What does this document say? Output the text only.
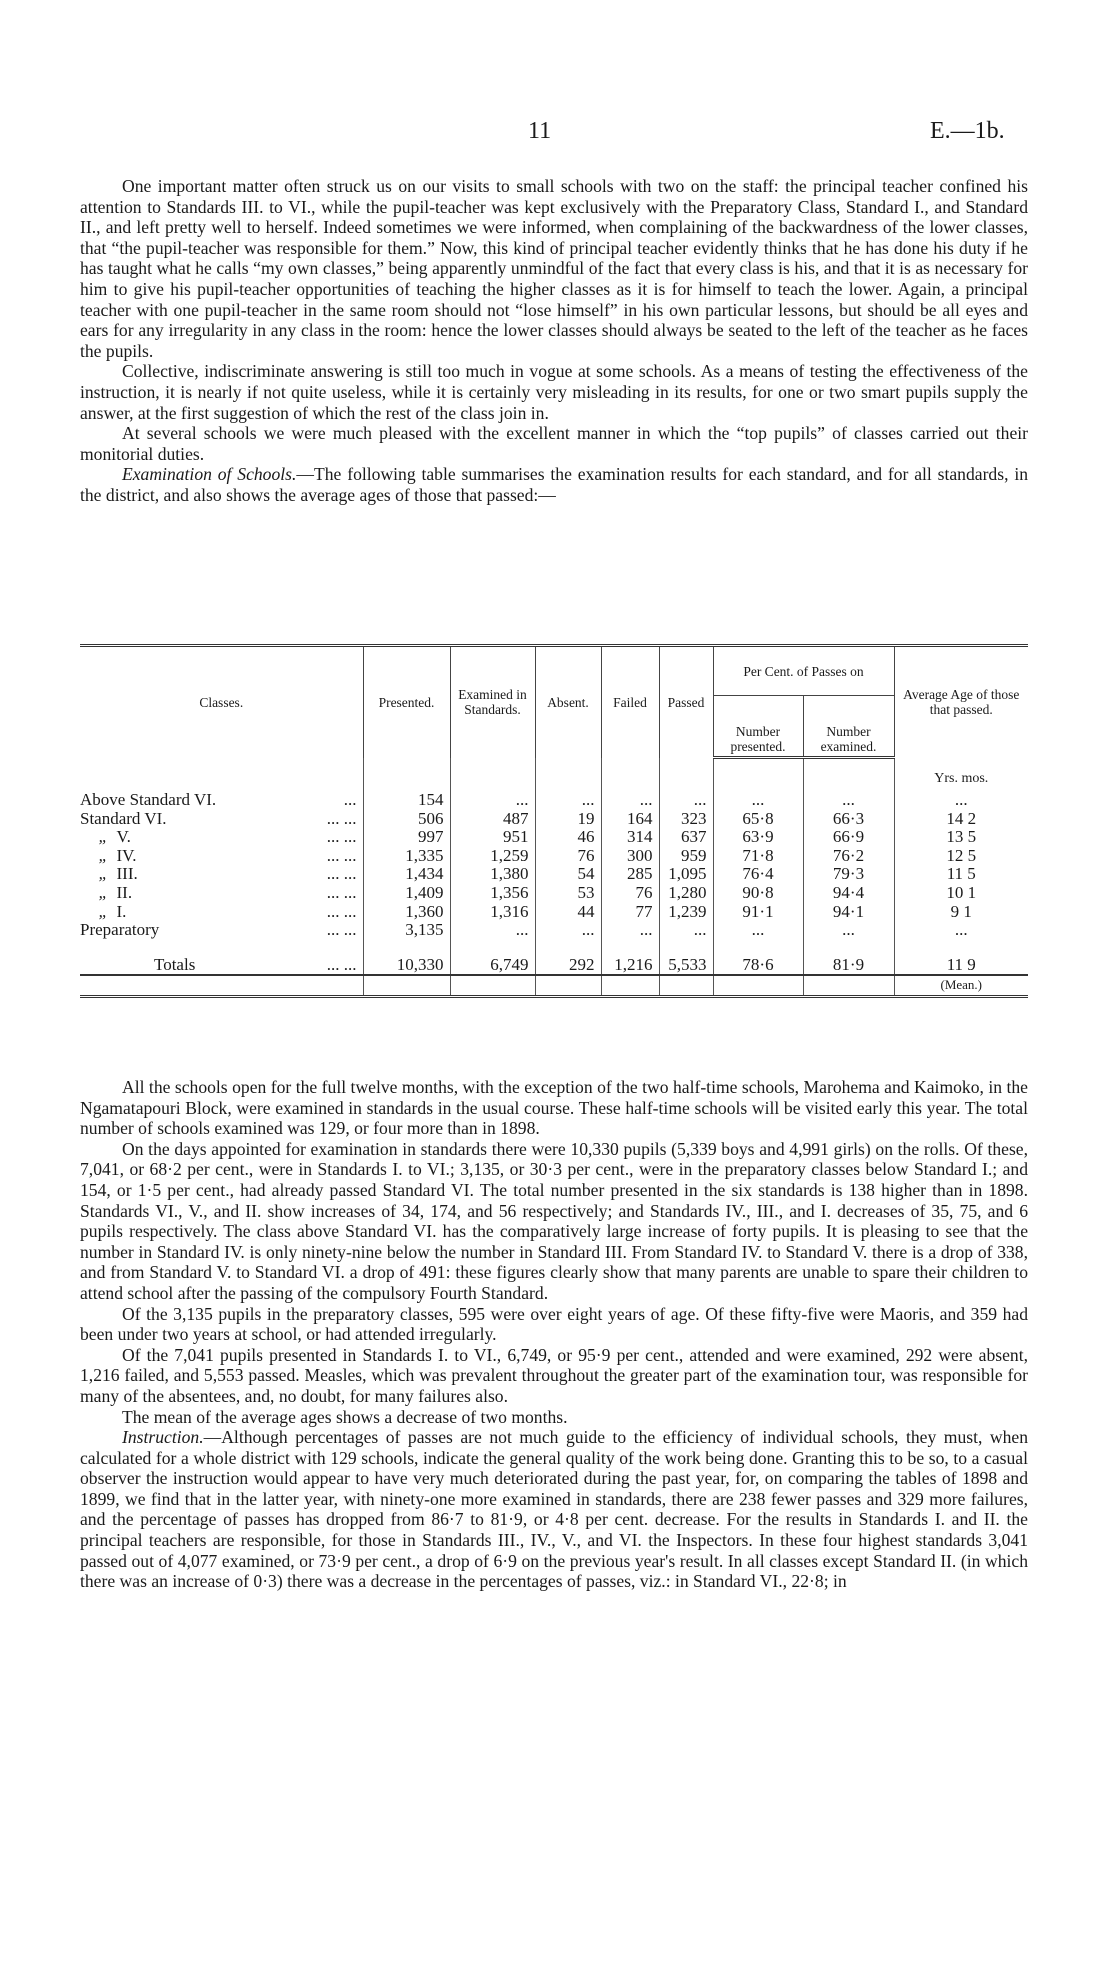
11	E.—1b.

One important matter often struck us on our visits to small schools with two on the staff: the principal teacher confined his attention to Standards III. to VI., while the pupil-teacher was kept exclusively with the Preparatory Class, Standard I., and Standard II., and left pretty well to herself. Indeed sometimes we were informed, when complaining of the backwardness of the lower classes, that “the pupil-teacher was responsible for them.” Now, this kind of principal teacher evidently thinks that he has done his duty if he has taught what he calls “my own classes,” being apparently unmindful of the fact that every class is his, and that it is as necessary for him to give his pupil-teacher opportunities of teaching the higher classes as it is for himself to teach the lower. Again, a principal teacher with one pupil-teacher in the same room should not “lose himself” in his own particular lessons, but should be all eyes and ears for any irregularity in any class in the room: hence the lower classes should always be seated to the left of the teacher as he faces the pupils.

Collective, indiscriminate answering is still too much in vogue at some schools. As a means of testing the effectiveness of the instruction, it is nearly if not quite useless, while it is certainly very misleading in its results, for one or two smart pupils supply the answer, at the first suggestion of which the rest of the class join in.

At several schools we were much pleased with the excellent manner in which the “top pupils” of classes carried out their monitorial duties.

Examination of Schools.—The following table summarises the examination results for each standard, and for all standards, in the district, and also shows the average ages of those that passed:—

Classes.	Presented.	Examined in Standards.	Absent.	Failed	Passed	Per Cent. of Passes on		Average Age of those that passed.
						Number presented.	Number examined.	
								Yrs. mos.
Above Standard VI. ...	154	...	...	...	...	...	...	...
Standard VI. ... ...	506	487	19	164	323	65·8	66·3	14 2
„ V. ... ...	997	951	46	314	637	63·9	66·9	13 5
„ IV. ... ...	1,335	1,259	76	300	959	71·8	76·2	12 5
„ III. ... ...	1,434	1,380	54	285	1,095	76·4	79·3	11 5
„ II. ... ...	1,409	1,356	53	76	1,280	90·8	94·4	10 1
„ I. ... ...	1,360	1,316	44	77	1,239	91·1	94·1	9 1
Preparatory ... ...	3,135	...	...	...	...	...	...	...
Totals ... ...	10,330	6,749	292	1,216	5,533	78·6	81·9	11 9
								(Mean.)

All the schools open for the full twelve months, with the exception of the two half-time schools, Marohema and Kaimoko, in the Ngamatapouri Block, were examined in standards in the usual course. These half-time schools will be visited early this year. The total number of schools examined was 129, or four more than in 1898.

On the days appointed for examination in standards there were 10,330 pupils (5,339 boys and 4,991 girls) on the rolls. Of these, 7,041, or 68·2 per cent., were in Standards I. to VI.; 3,135, or 30·3 per cent., were in the preparatory classes below Standard I.; and 154, or 1·5 per cent., had already passed Standard VI. The total number presented in the six standards is 138 higher than in 1898. Standards VI., V., and II. show increases of 34, 174, and 56 respectively; and Standards IV., III., and I. decreases of 35, 75, and 6 pupils respectively. The class above Standard VI. has the comparatively large increase of forty pupils. It is pleasing to see that the number in Standard IV. is only ninety-nine below the number in Standard III. From Standard IV. to Standard V. there is a drop of 338, and from Standard V. to Standard VI. a drop of 491: these figures clearly show that many parents are unable to spare their children to attend school after the passing of the compulsory Fourth Standard.

Of the 3,135 pupils in the preparatory classes, 595 were over eight years of age. Of these fifty-five were Maoris, and 359 had been under two years at school, or had attended irregularly.

Of the 7,041 pupils presented in Standards I. to VI., 6,749, or 95·9 per cent., attended and were examined, 292 were absent, 1,216 failed, and 5,553 passed. Measles, which was prevalent throughout the greater part of the examination tour, was responsible for many of the absentees, and, no doubt, for many failures also.

The mean of the average ages shows a decrease of two months.

Instruction.—Although percentages of passes are not much guide to the efficiency of individual schools, they must, when calculated for a whole district with 129 schools, indicate the general quality of the work being done. Granting this to be so, to a casual observer the instruction would appear to have very much deteriorated during the past year, for, on comparing the tables of 1898 and 1899, we find that in the latter year, with ninety-one more examined in standards, there are 238 fewer passes and 329 more failures, and the percentage of passes has dropped from 86·7 to 81·9, or 4·8 per cent. decrease. For the results in Standards I. and II. the principal teachers are responsible, for those in Standards III., IV., V., and VI. the Inspectors. In these four highest standards 3,041 passed out of 4,077 examined, or 73·9 per cent., a drop of 6·9 on the previous year's result. In all classes except Standard II. (in which there was an increase of 0·3) there was a decrease in the percentages of passes, viz.: in Standard VI., 22·8; in
